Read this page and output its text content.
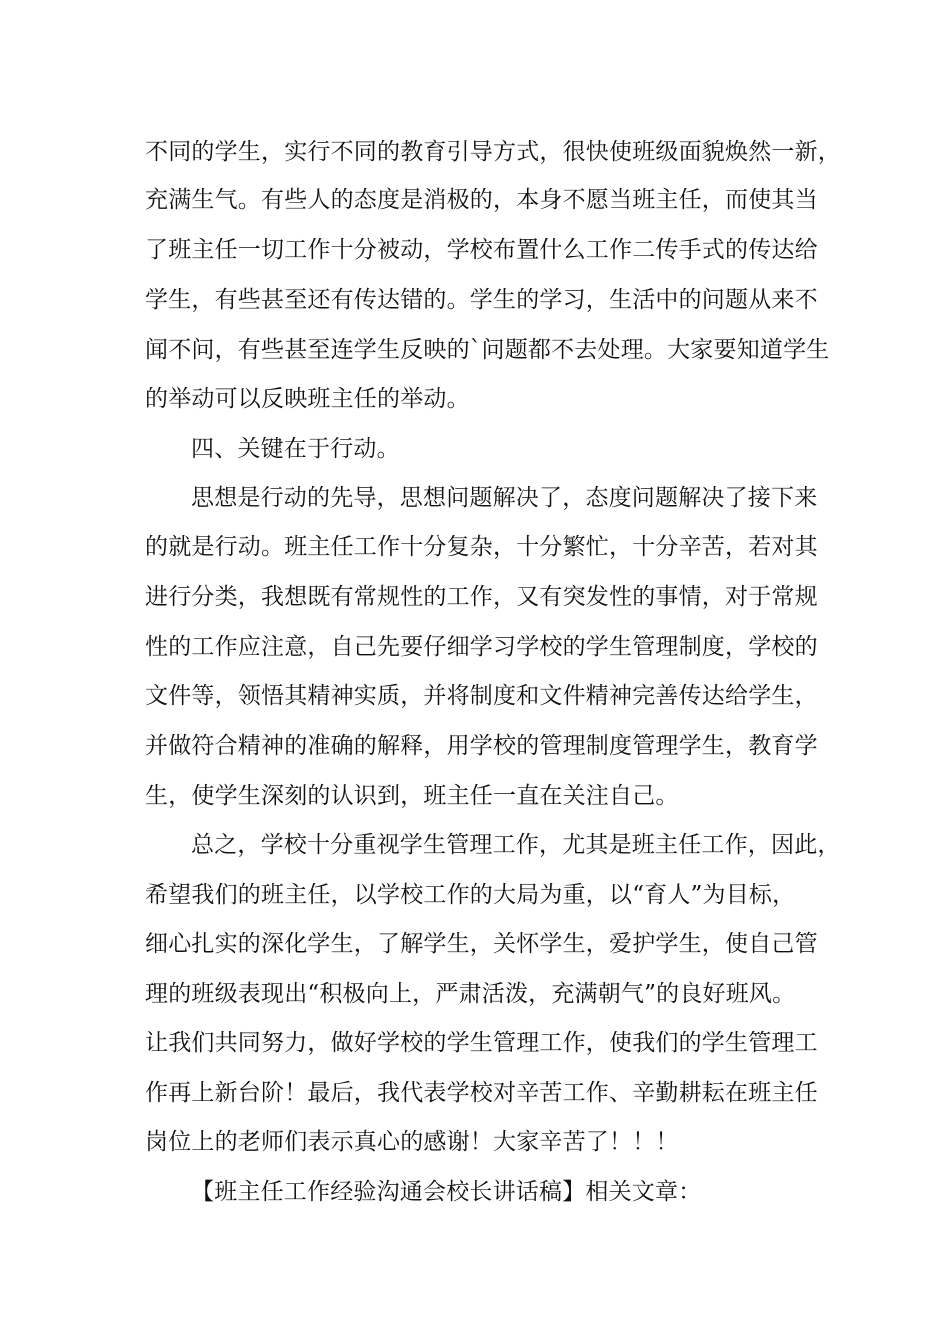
不同的学生，实行不同的教育引导方式，很快使班级面貌焕然一新，
充满生气。有些人的态度是消极的，本身不愿当班主任，而使其当
了班主任一切工作十分被动，学校布置什么工作二传手式的传达给
学生，有些甚至还有传达错的。学生的学习，生活中的问题从来不
闻不问，有些甚至连学生反映的`问题都不去处理。大家要知道学生
的举动可以反映班主任的举动。
四、关键在于行动。
思想是行动的先导，思想问题解决了，态度问题解决了接下来
的就是行动。班主任工作十分复杂，十分繁忙，十分辛苦，若对其
进行分类，我想既有常规性的工作，又有突发性的事情，对于常规
性的工作应注意，自己先要仔细学习学校的学生管理制度，学校的
文件等，领悟其精神实质，并将制度和文件精神完善传达给学生，
并做符合精神的准确的解释，用学校的管理制度管理学生，教育学
生，使学生深刻的认识到，班主任一直在关注自己。
总之，学校十分重视学生管理工作，尤其是班主任工作，因此，
希望我们的班主任，以学校工作的大局为重，以“育人”为目标，
细心扎实的深化学生，了解学生，关怀学生，爱护学生，使自己管
理的班级表现出“积极向上，严肃活泼，充满朝气”的良好班风。
让我们共同努力，做好学校的学生管理工作，使我们的学生管理工
作再上新台阶！最后，我代表学校对辛苦工作、辛勤耕耘在班主任
岗位上的老师们表示真心的感谢！大家辛苦了！！！
【班主任工作经验沟通会校长讲话稿】相关文章：
